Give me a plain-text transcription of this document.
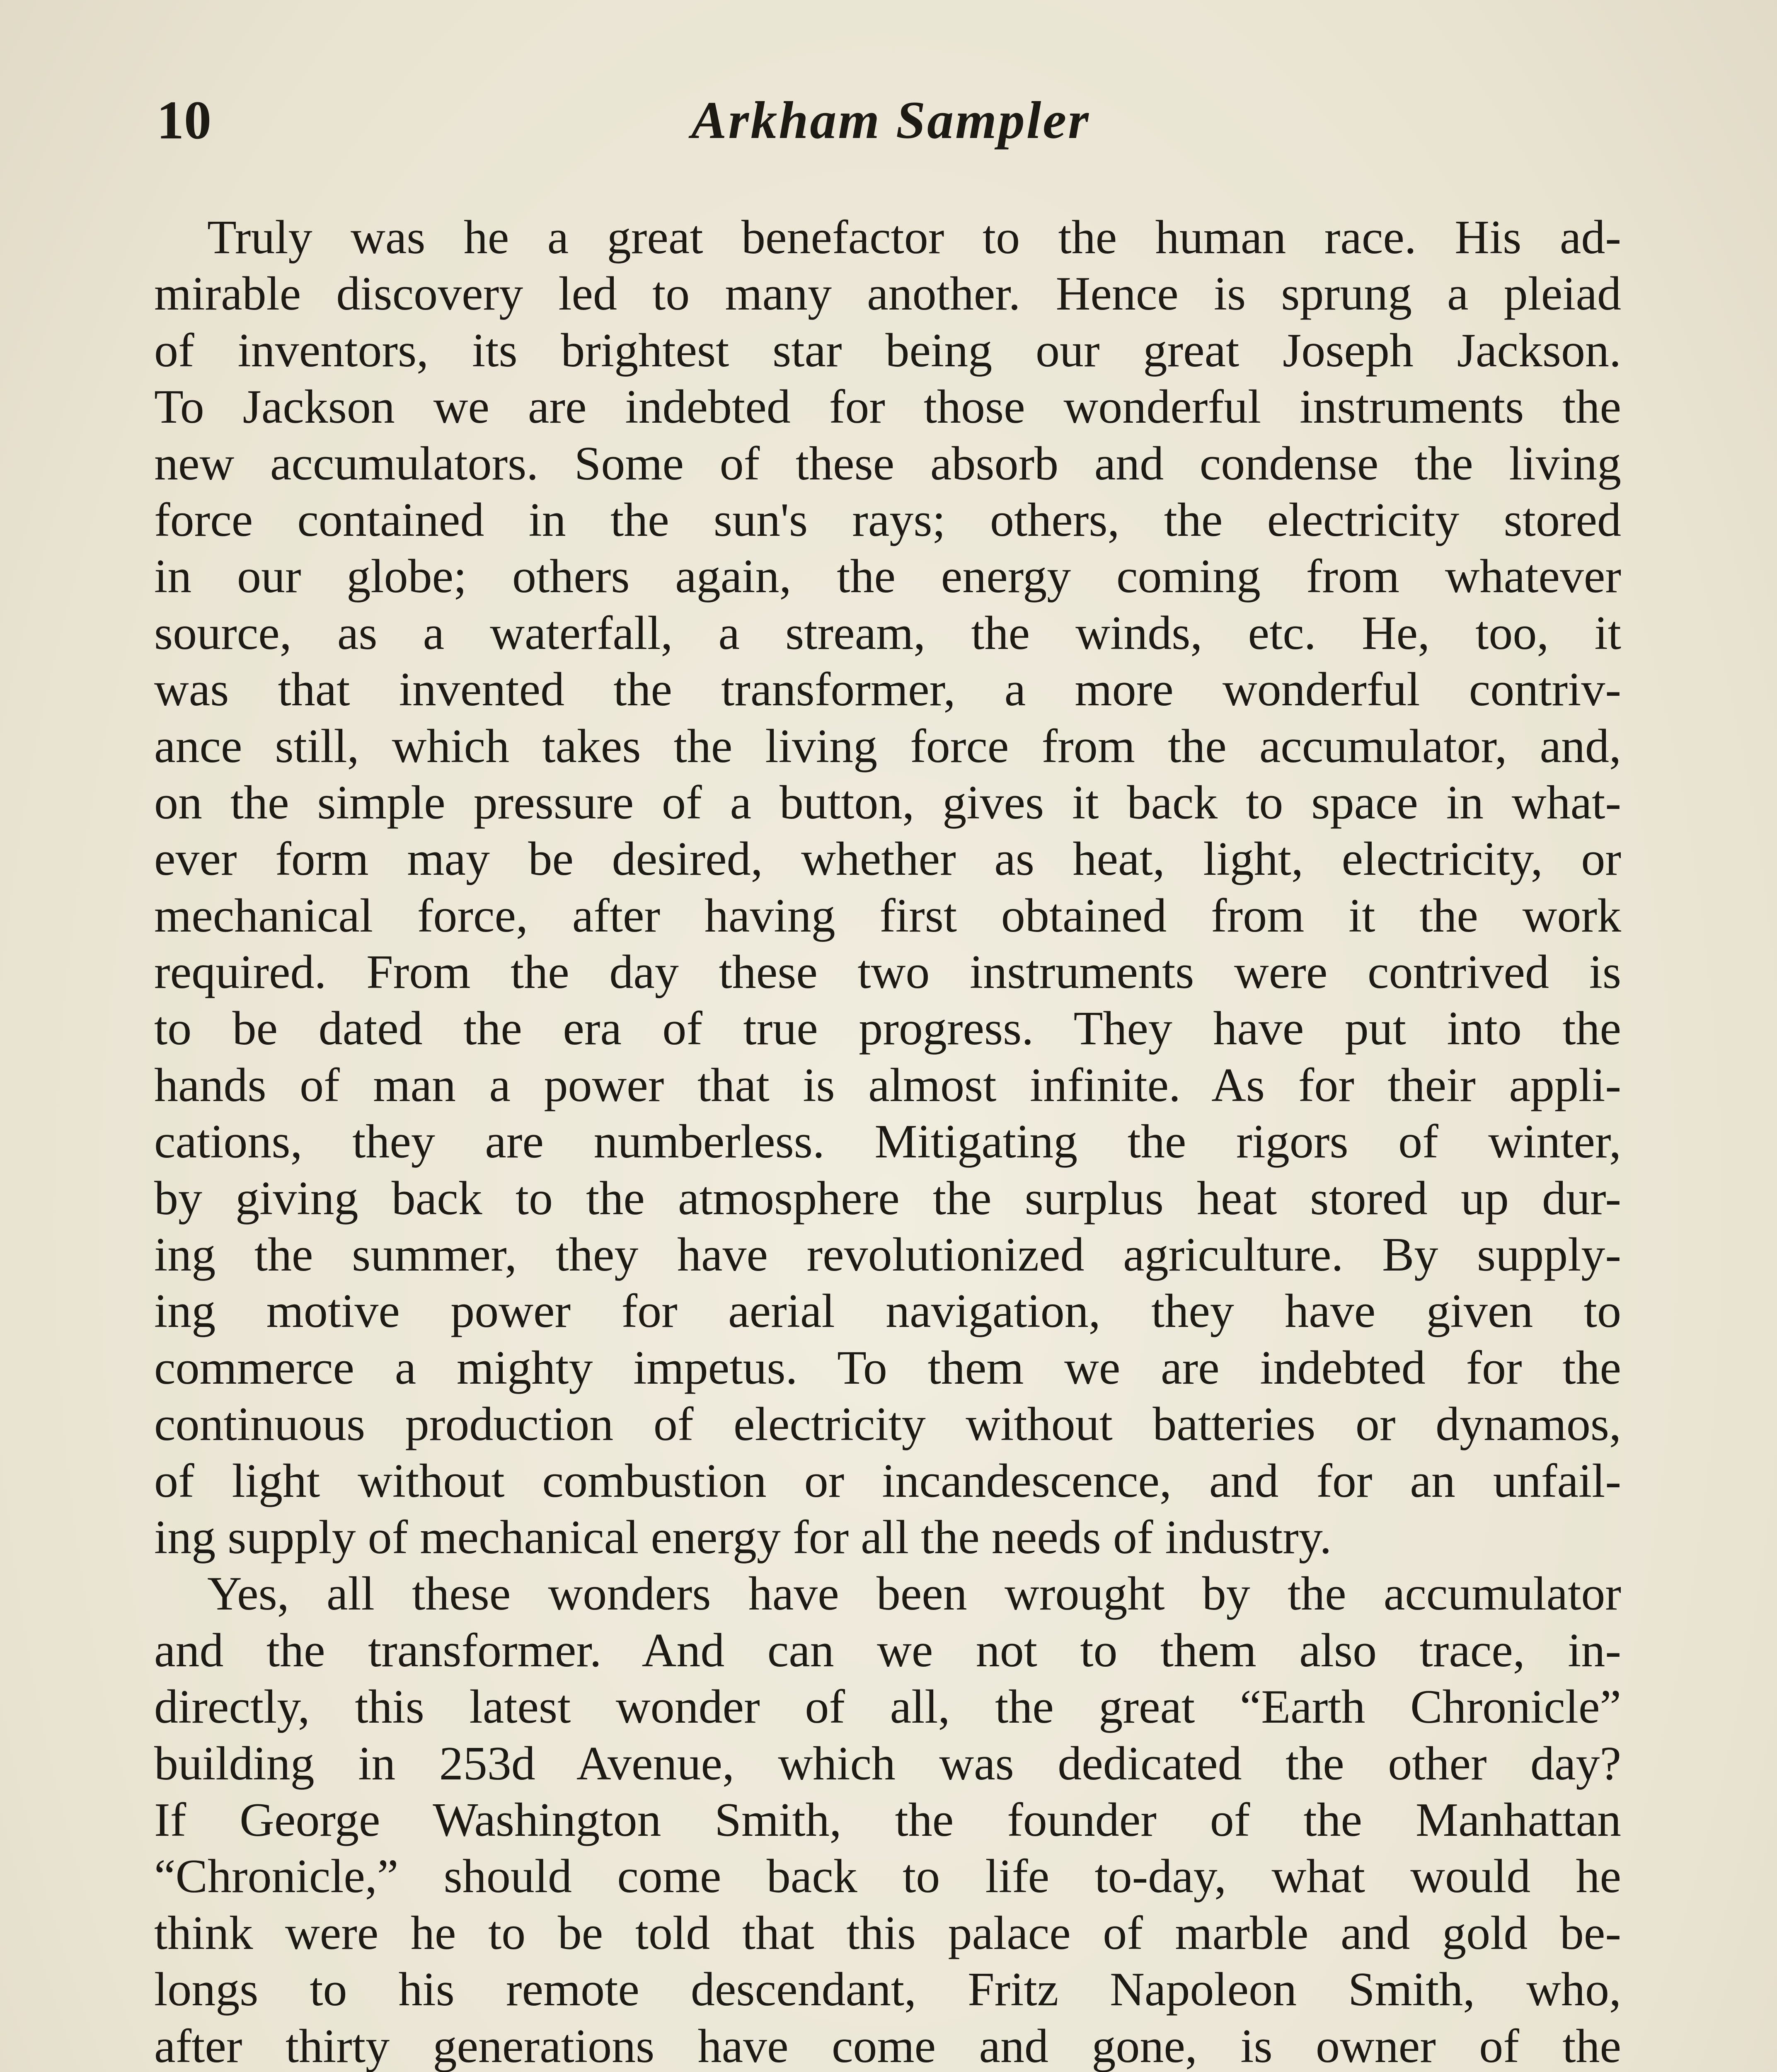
10	Arkham Sampler
Truly was he a great benefactor to the human race. His ad-
mirable discovery led to many another. Hence is sprung a pleiad
of inventors, its brightest star being our great Joseph Jackson.
To Jackson we are indebted for those wonderful instruments the
new accumulators. Some of these absorb and condense the living
force contained in the sun's rays; others, the electricity stored
in our globe; others again, the energy coming from whatever
source, as a waterfall, a stream, the winds, etc. He, too, it
was that invented the transformer, a more wonderful contriv-
ance still, which takes the living force from the accumulator, and,
on the simple pressure of a button, gives it back to space in what-
ever form may be desired, whether as heat, light, electricity, or
mechanical force, after having first obtained from it the work
required. From the day these two instruments were contrived is
to be dated the era of true progress. They have put into the
hands of man a power that is almost infinite. As for their appli-
cations, they are numberless. Mitigating the rigors of winter,
by giving back to the atmosphere the surplus heat stored up dur-
ing the summer, they have revolutionized agriculture. By supply-
ing motive power for aerial navigation, they have given to
commerce a mighty impetus. To them we are indebted for the
continuous production of electricity without batteries or dynamos,
of light without combustion or incandescence, and for an unfail-
ing supply of mechanical energy for all the needs of industry.
Yes, all these wonders have been wrought by the accumulator
and the transformer. And can we not to them also trace, in-
directly, this latest wonder of all, the great “Earth Chronicle”
building in 253d Avenue, which was dedicated the other day?
If George Washington Smith, the founder of the Manhattan
“Chronicle,” should come back to life to-day, what would he
think were he to be told that this palace of marble and gold be-
longs to his remote descendant, Fritz Napoleon Smith, who,
after thirty generations have come and gone, is owner of the
